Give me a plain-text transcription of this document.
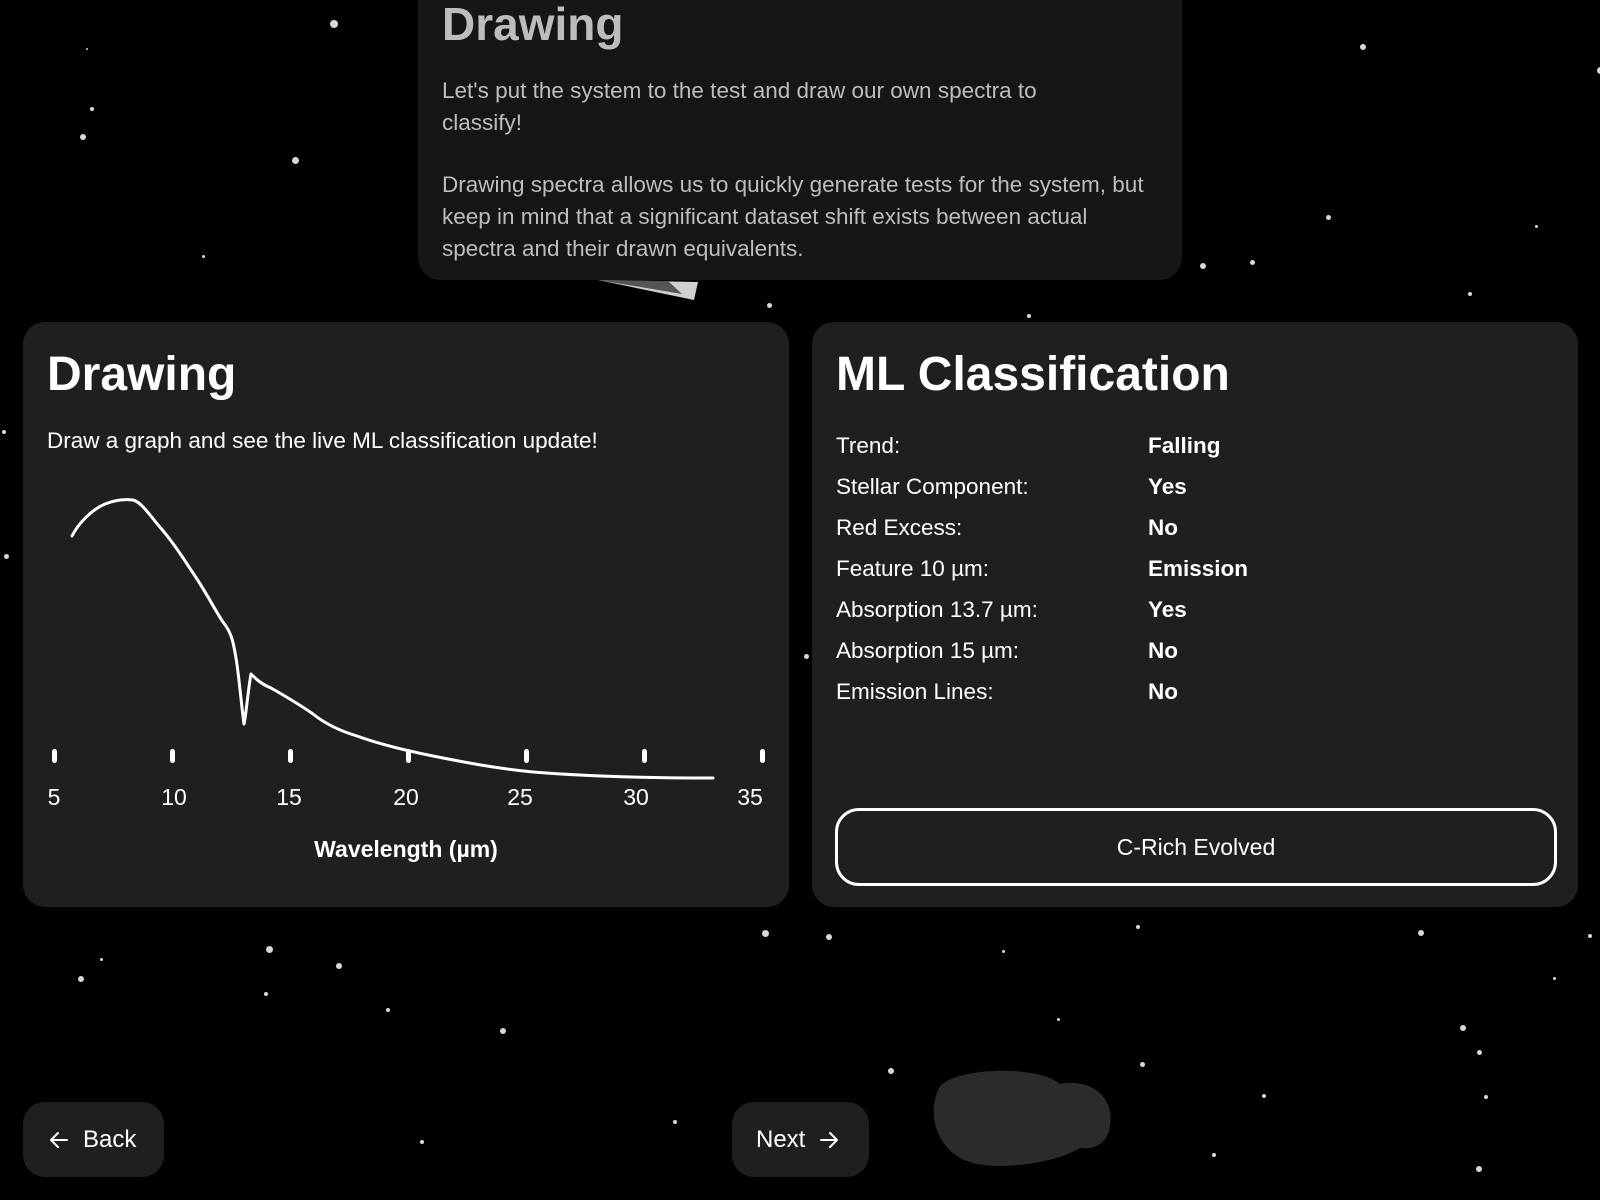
Drawing

Let's put the system to the test and draw our own spectra to classify!

Drawing spectra allows us to quickly generate tests for the system, but keep in mind that a significant dataset shift exists between actual spectra and their drawn equivalents.

Drawing
Draw a graph and see the live ML classification update!
5	10	15	20	25	30	35
Wavelength (µm)
ML Classification
Trend:	Falling
Stellar Component:	Yes
Red Excess:	No
Feature 10 µm:	Emission
Absorption 13.7 µm:	Yes
Absorption 15 µm:	No
Emission Lines:	No
C-Rich Evolved
Back	Next
